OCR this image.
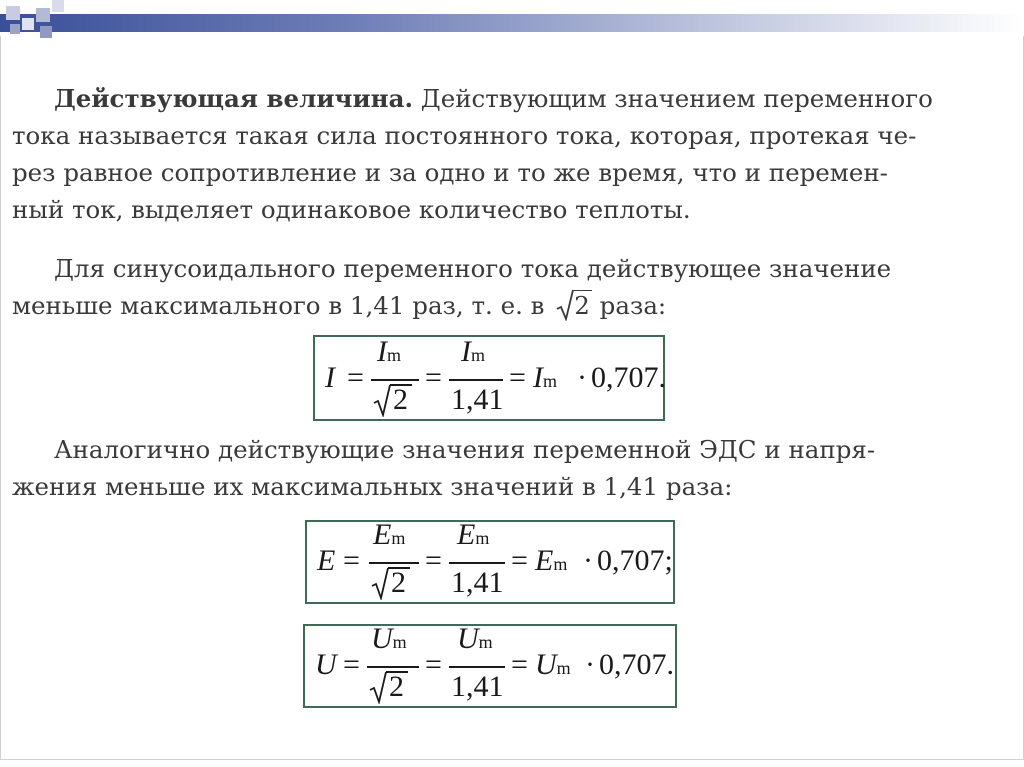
Действующая величина. Действующим значением переменного
тока называется такая сила постоянного тока, которая, протекая че-
рез равное сопротивление и за одно и то же время, что и перемен-
ный ток, выделяет одинаковое количество теплоты.
Для синусоидального переменного тока действующее значение
меньше максимального в 1,41 раз, т. е. в 2 раза:
I =
Im
2
=
Im
1,41
= Im · 0,707.
Аналогично действующие значения переменной ЭДС и напря-
жения меньше их максимальных значений в 1,41 раза:
E =
Em
2
=
Em
1,41
= Em · 0,707;
U =
Um
2
=
Um
1,41
= Um · 0,707.
